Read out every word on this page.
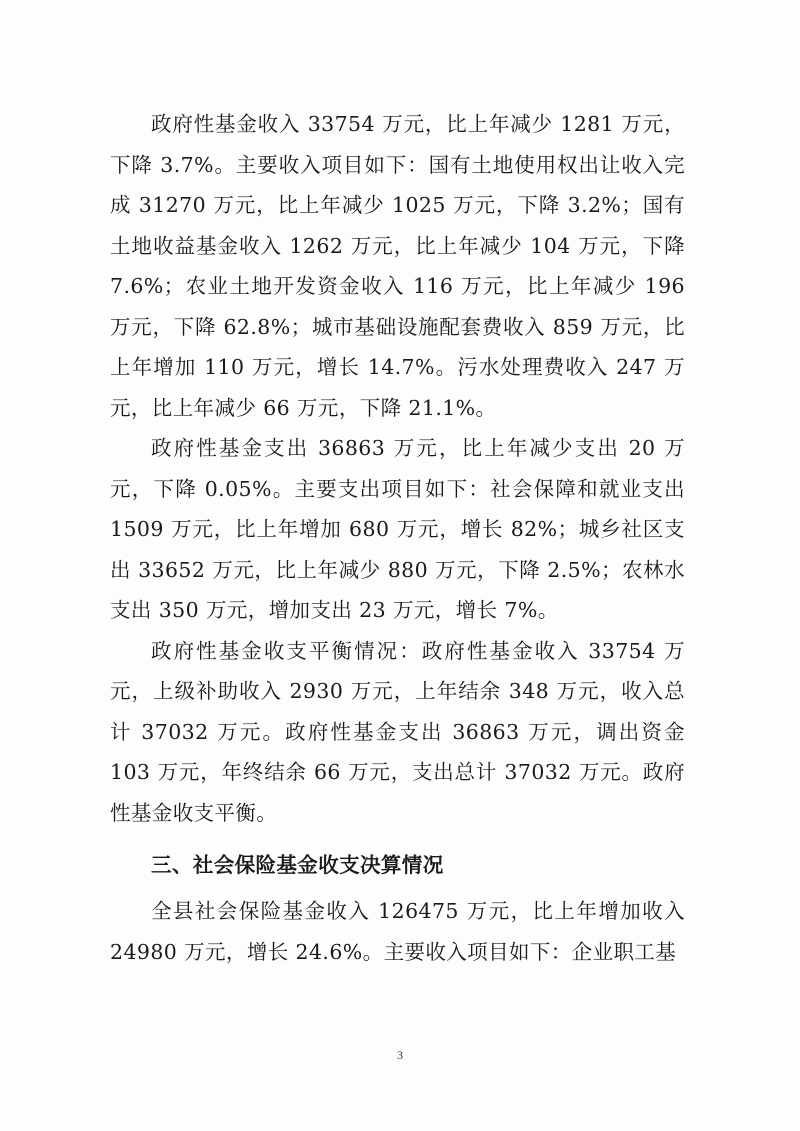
政府性基金收入 33754 万元，比上年减少 1281 万元，下降 3.7%。主要收入项目如下：国有土地使用权出让收入完成 31270 万元，比上年减少 1025 万元，下降 3.2%；国有土地收益基金收入 1262 万元，比上年减少 104 万元，下降 7.6%；农业土地开发资金收入 116 万元，比上年减少 196 万元，下降 62.8%；城市基础设施配套费收入 859 万元，比上年增加 110 万元，增长 14.7%。污水处理费收入 247 万元，比上年减少 66 万元，下降 21.1%。

政府性基金支出 36863 万元，比上年减少支出 20 万元，下降 0.05%。主要支出项目如下：社会保障和就业支出 1509 万元，比上年增加 680 万元，增长 82%；城乡社区支出 33652 万元，比上年减少 880 万元，下降 2.5%；农林水支出 350 万元，增加支出 23 万元，增长 7%。

政府性基金收支平衡情况：政府性基金收入 33754 万元，上级补助收入 2930 万元，上年结余 348 万元，收入总计 37032 万元。政府性基金支出 36863 万元，调出资金 103 万元，年终结余 66 万元，支出总计 37032 万元。政府性基金收支平衡。

三、社会保险基金收支决算情况

全县社会保险基金收入 126475 万元，比上年增加收入 24980 万元，增长 24.6%。主要收入项目如下：企业职工基

3
